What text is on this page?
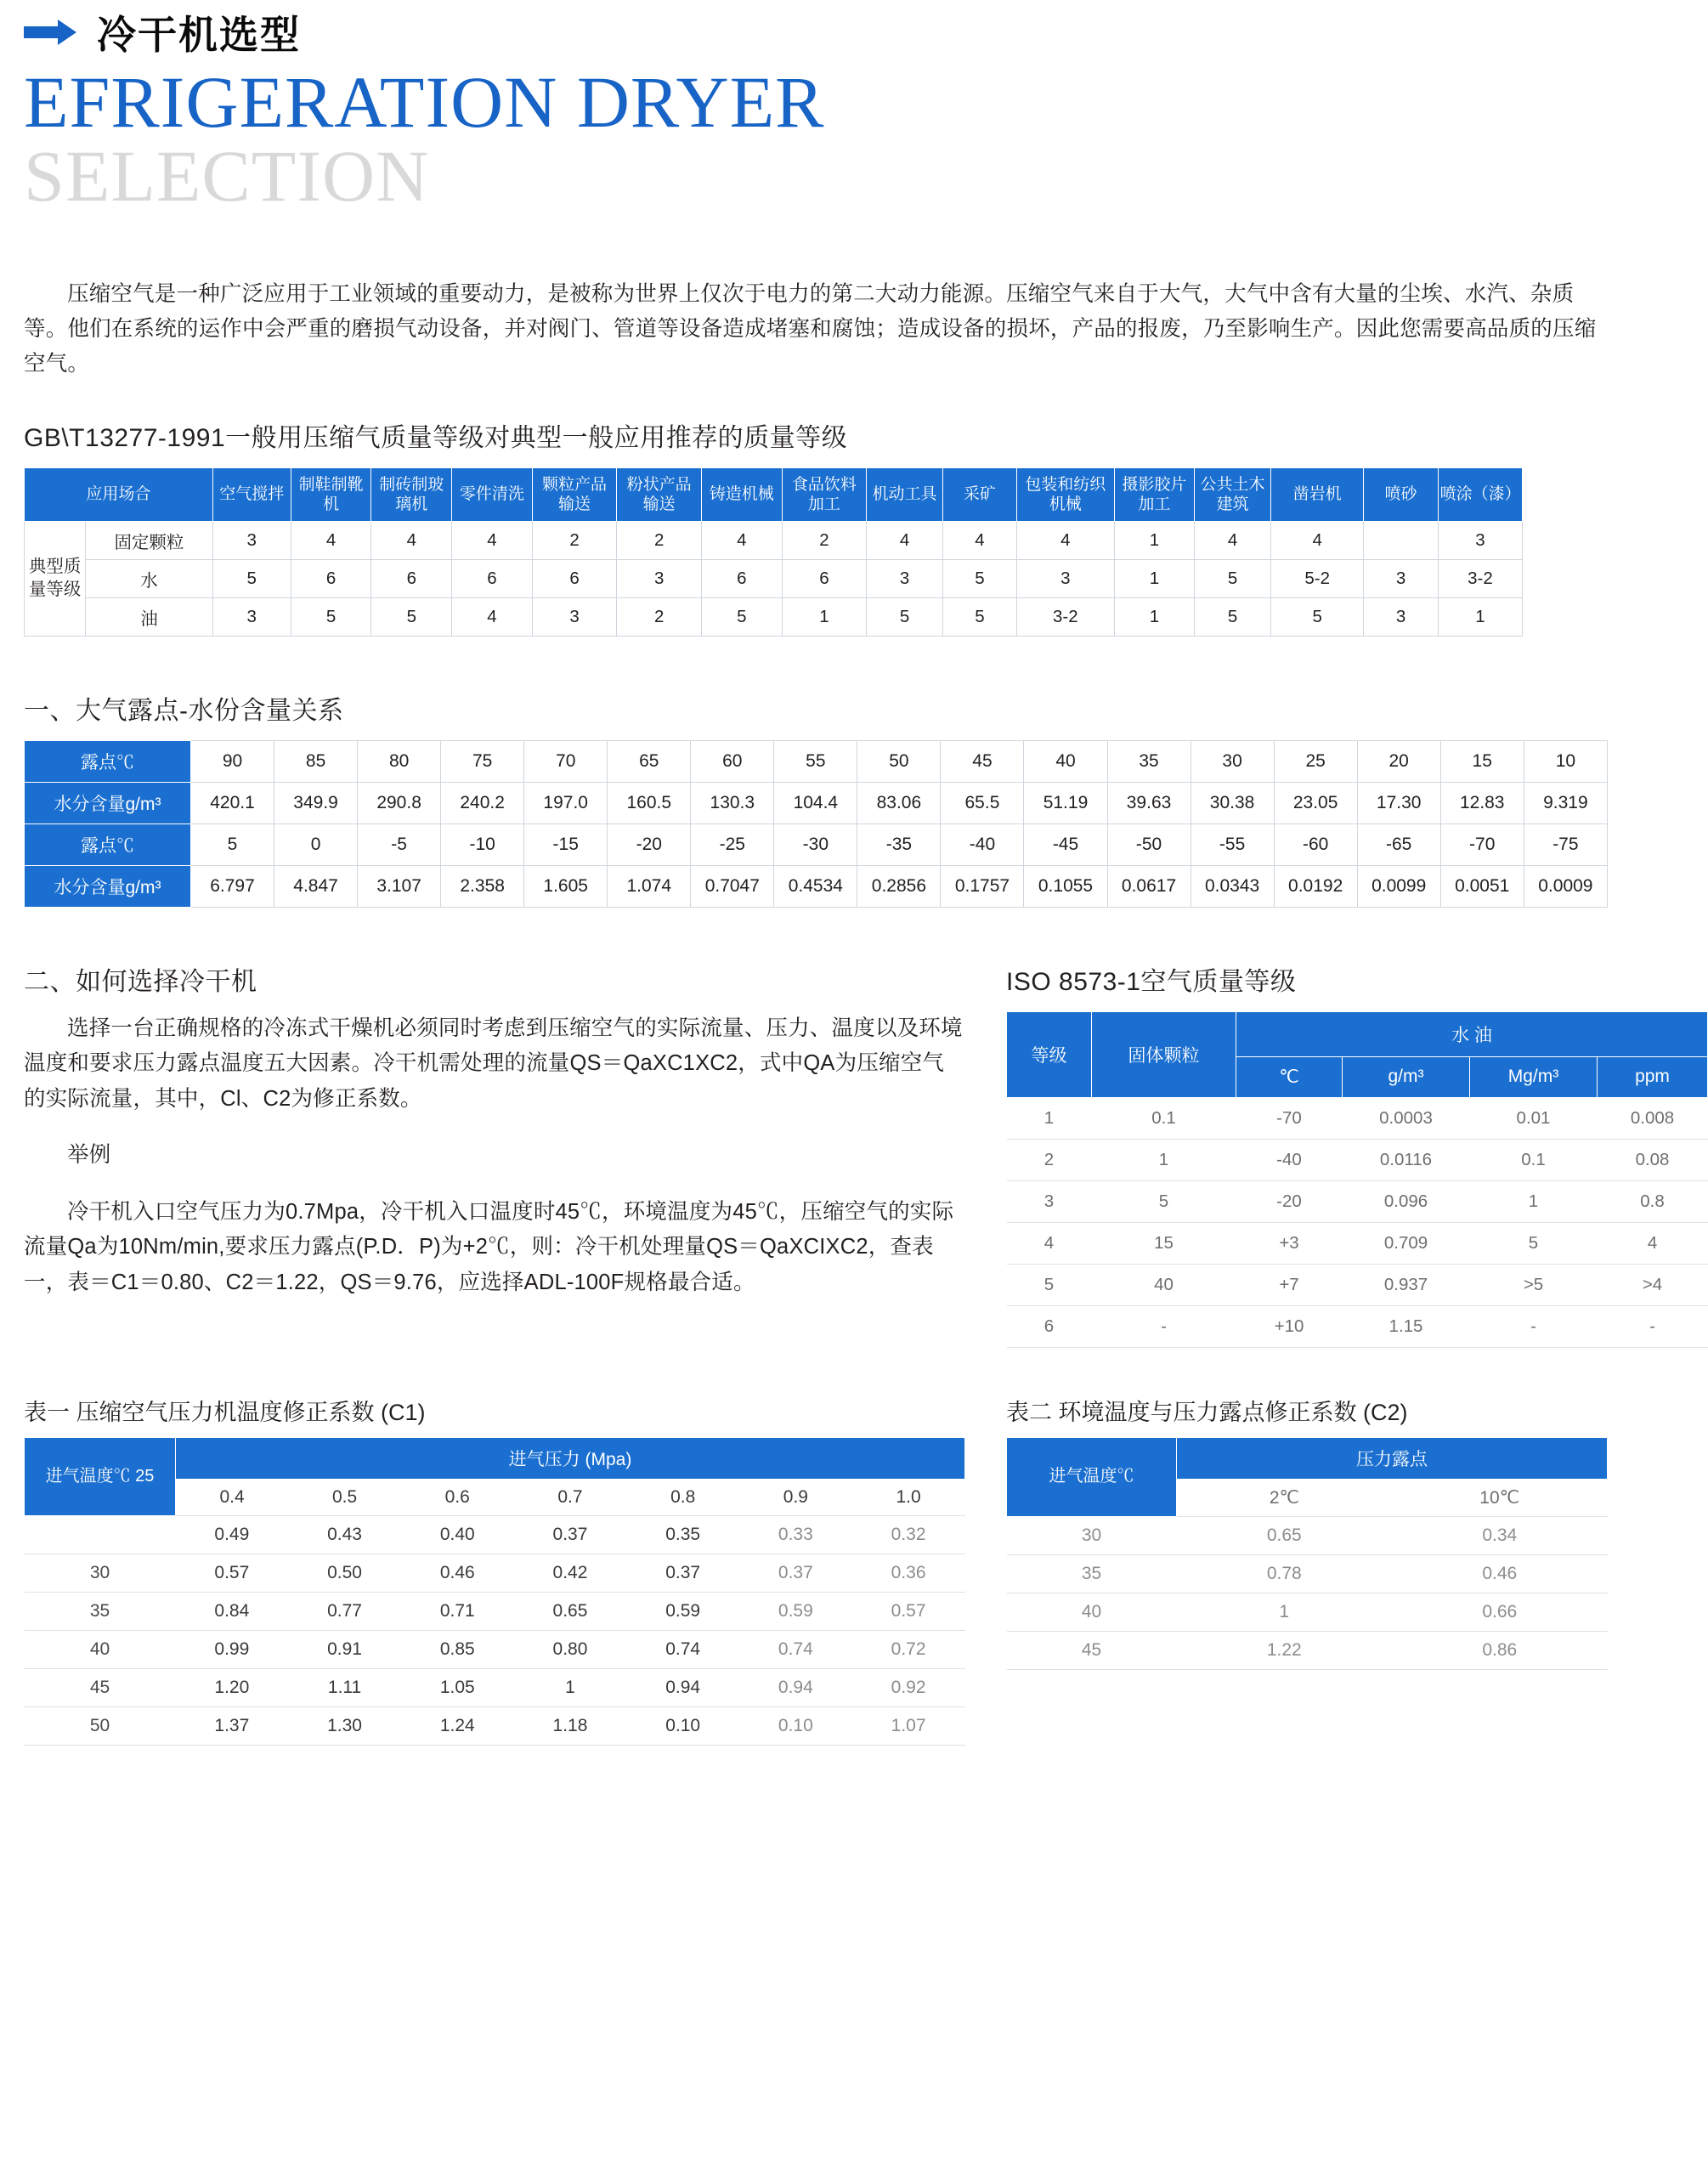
冷干机选型
EFRIGERATION DRYER
SELECTION

压缩空气是一种广泛应用于工业领域的重要动力，是被称为世界上仅次于电力的第二大动力能源。压缩空气来自于大气，大气中含有大量的尘埃、水汽、杂质等。他们在系统的运作中会严重的磨损气动设备，并对阀门、管道等设备造成堵塞和腐蚀；造成设备的损坏，产品的报废，乃至影响生产。因此您需要高品质的压缩空气。

GB\T13277-1991一般用压缩气质量等级对典型一般应用推荐的质量等级
应用场合		空气搅拌	制鞋制靴机	制砖制玻璃机	零件清洗	颗粒产品输送	粉状产品输送	铸造机械	食品饮料加工	机动工具	采矿	包装和纺织机械	摄影胶片加工	公共土木建筑	凿岩机	喷砂	喷涂（漆）
典型质量等级	固定颗粒	3	4	4	4	2	2	4	2	4	4	4	1	4	4		3
	水	5	6	6	6	6	3	6	6	3	5	3	1	5	5-2	3	3-2
	油	3	5	5	4	3	2	5	1	5	5	3-2	1	5	5	3	1
一、大气露点-水份含量关系
露点℃	90	85	80	75	70	65	60	55	50	45	40	35	30	25	20	15	10
水分含量g/m³	420.1	349.9	290.8	240.2	197.0	160.5	130.3	104.4	83.06	65.5	51.19	39.63	30.38	23.05	17.30	12.83	9.319
露点℃	5	0	-5	-10	-15	-20	-25	-30	-35	-40	-45	-50	-55	-60	-65	-70	-75
水分含量g/m³	6.797	4.847	3.107	2.358	1.605	1.074	0.7047	0.4534	0.2856	0.1757	0.1055	0.0617	0.0343	0.0192	0.0099	0.0051	0.0009
二、如何选择冷干机

选择一台正确规格的冷冻式干燥机必须同时考虑到压缩空气的实际流量、压力、温度以及环境温度和要求压力露点温度五大因素。冷干机需处理的流量QS＝QaXC1XC2，式中QA为压缩空气的实际流量，其中，Cl、C2为修正系数。

举例

冷干机入口空气压力为0.7Mpa，冷干机入口温度时45℃，环境温度为45℃，压缩空气的实际流量Qa为10Nm/min,要求压力露点(P.D．P)为+2℃，则：冷干机处理量QS＝QaXCIXC2，查表一，表＝C1＝0.80、C2＝1.22，QS＝9.76，应选择ADL-100F规格最合适。

ISO 8573-1空气质量等级
等级	固体颗粒	水 油			
		℃	g/m³	Mg/m³	ppm
1	0.1	-70	0.0003	0.01	0.008
2	1	-40	0.0116	0.1	0.08
3	5	-20	0.096	1	0.8
4	15	+3	0.709	5	4
5	40	+7	0.937	>5	>4
6	-	+10	1.15	-	-
表一 压缩空气压力机温度修正系数 (C1)
进气温度℃ 25	进气压力 (Mpa)						
	0.4	0.5	0.6	0.7	0.8	0.9	1.0
	0.49	0.43	0.40	0.37	0.35	0.33	0.32
30	0.57	0.50	0.46	0.42	0.37	0.37	0.36
35	0.84	0.77	0.71	0.65	0.59	0.59	0.57
40	0.99	0.91	0.85	0.80	0.74	0.74	0.72
45	1.20	1.11	1.05	1	0.94	0.94	0.92
50	1.37	1.30	1.24	1.18	0.10	0.10	1.07
表二 环境温度与压力露点修正系数 (C2)
进气温度℃	压力露点	
	2℃	10℃
30	0.65	0.34
35	0.78	0.46
40	1	0.66
45	1.22	0.86
